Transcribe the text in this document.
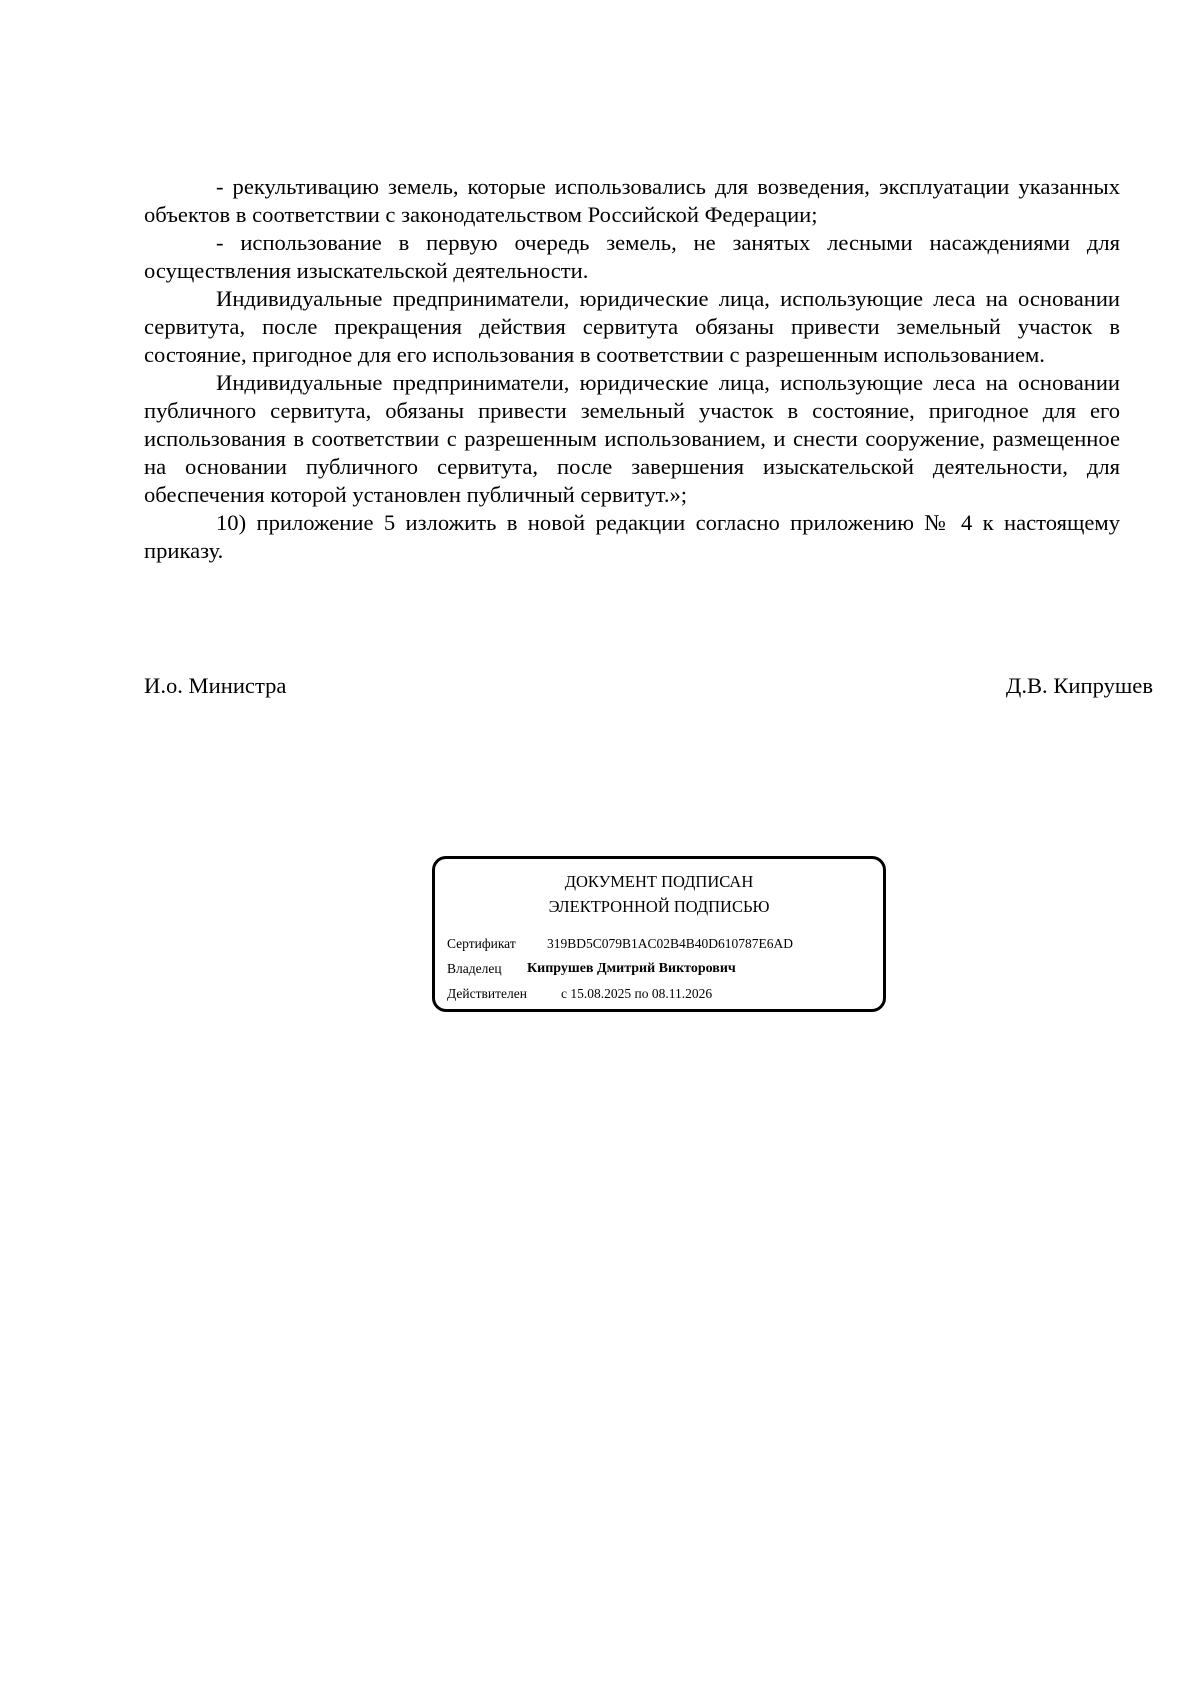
- рекультивацию земель, которые использовались для возведения, эксплуатации указанных объектов в соответствии с законодательством Российской Федерации;

- использование в первую очередь земель, не занятых лесными насаждениями для осуществления изыскательской деятельности.

Индивидуальные предприниматели, юридические лица, использующие леса на основании сервитута, после прекращения действия сервитута обязаны привести земельный участок в состояние, пригодное для его использования в соответствии с разрешенным использованием.

Индивидуальные предприниматели, юридические лица, использующие леса на основании публичного сервитута, обязаны привести земельный участок в состояние, пригодное для его использования в соответствии с разрешенным использованием, и снести сооружение, размещенное на основании публичного сервитута, после завершения изыскательской деятельности, для обеспечения которой установлен публичный сервитут.»;

10) приложение 5 изложить в новой редакции согласно приложению № 4 к настоящему приказу.

И.о. Министра	Д.В. Кипрушев
ДОКУМЕНТ ПОДПИСАН
ЭЛЕКТРОННОЙ ПОДПИСЬЮ
Сертификат 319BD5C079B1AC02B4B40D610787E6AD
Владелец Кипрушев Дмитрий Викторович
Действителен	с 15.08.2025 по 08.11.2026
